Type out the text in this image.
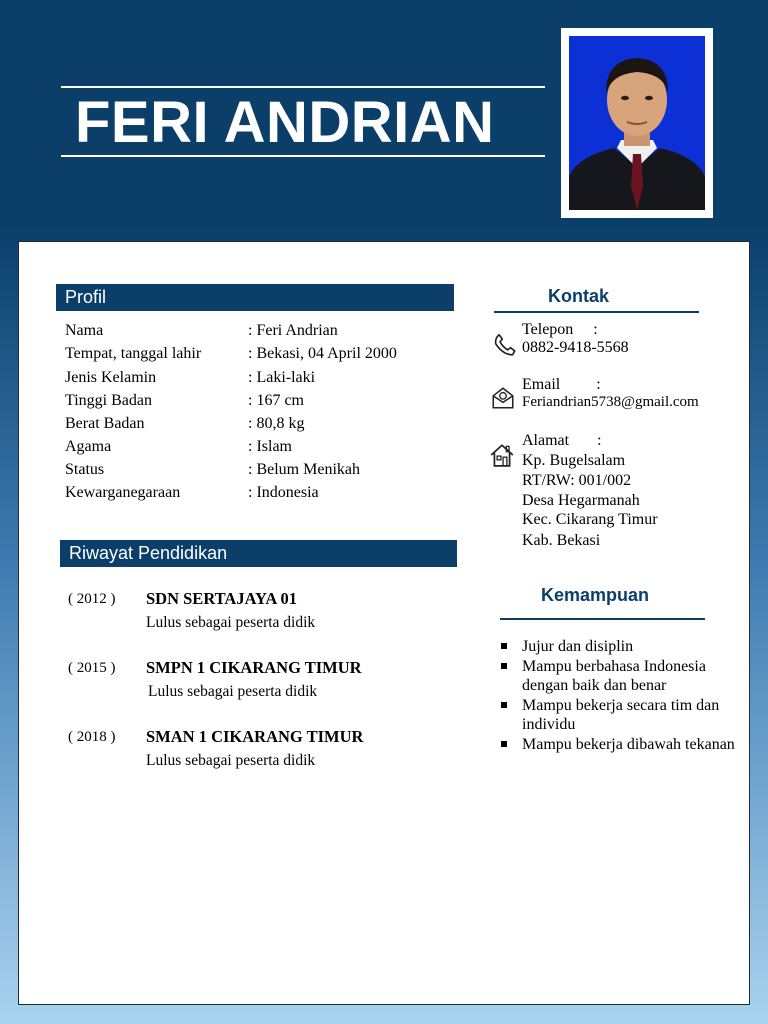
FERI ANDRIAN
Profil
Nama	: Feri Andrian
Tempat, tanggal lahir	: Bekasi, 04 April 2000
Jenis Kelamin	: Laki-laki
Tinggi Badan	: 167 cm
Berat Badan	: 80,8 kg
Agama	: Islam
Status	: Belum Menikah
Kewarganegaraan	: Indonesia
Riwayat Pendidikan
( 2012 ) SDN SERTAJAYA 01
Lulus sebagai peserta didik
( 2015 ) SMPN 1 CIKARANG TIMUR
Lulus sebagai peserta didik
( 2018 ) SMAN 1 CIKARANG TIMUR
Lulus sebagai peserta didik
Kontak
Telepon     :
0882-9418-5568
Email         :
Feriandrian5738@gmail.com
Alamat       :
Kp. Bugelsalam
RT/RW: 001/002
Desa Hegarmanah
Kec. Cikarang Timur
Kab. Bekasi
Kemampuan
Jujur dan disiplin
Mampu berbahasa Indonesia dengan baik dan benar
Mampu bekerja secara tim dan individu
Mampu bekerja dibawah tekanan
